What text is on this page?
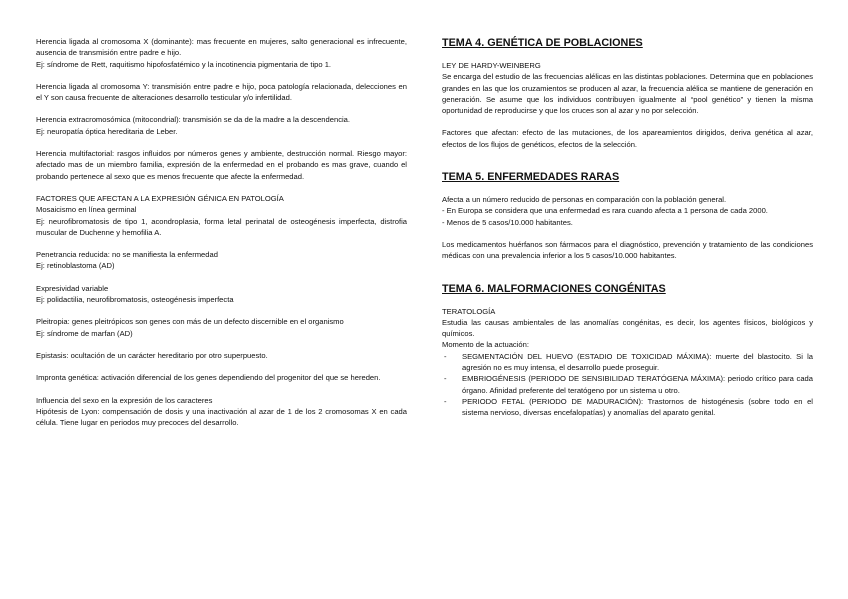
Herencia ligada al cromosoma X (dominante): mas frecuente en mujeres, salto generacional es infrecuente, ausencia de transmisión entre padre e hijo.

Ej: síndrome de Rett, raquitismo hipofosfatémico y la incotinencia pigmentaria de tipo 1.

Herencia ligada al cromosoma Y: transmisión entre padre e hijo, poca patología relacionada, delecciones en el Y son causa frecuente de alteraciones desarrollo testicular y/o infertilidad.

Herencia extracromosómica (mitocondrial): transmisión se da de la madre a la descendencia.

Ej: neuropatía óptica hereditaria de Leber.

Herencia multifactorial: rasgos influidos por números genes y ambiente, destrucción normal. Riesgo mayor: afectado mas de un miembro familia, expresión de la enfermedad en el probando es mas grave, cuando el probando pertenece al sexo que es menos frecuente que afecte la enfermedad.

FACTORES QUE AFECTAN A LA EXPRESIÓN GÉNICA EN PATOLOGÍA

Mosaicismo en línea germinal

Ej: neurofibromatosis de tipo 1, acondroplasia, forma letal perinatal de osteogénesis imperfecta, distrofia muscular de Duchenne y hemofilia A.

Penetrancia reducida: no se manifiesta la enfermedad

Ej: retinoblastoma (AD)

Expresividad variable

Ej: polidactilia, neurofibromatosis, osteogénesis imperfecta

Pleitropia: genes pleitrópicos son genes con más de un defecto discernible en el organismo

Ej: síndrome de marfan (AD)

Epistasis: ocultación de un carácter hereditario por otro superpuesto.

Impronta genética: activación diferencial de los genes dependiendo del progenitor del que se hereden.

Influencia del sexo en la expresión de los caracteres

Hipótesis de Lyon: compensación de dosis y una inactivación al azar de 1 de los 2 cromosomas X en cada célula. Tiene lugar en periodos muy precoces del desarrollo.

TEMA 4. GENÉTICA DE POBLACIONES

LEY DE HARDY-WEINBERG

Se encarga del estudio de las frecuencias alélicas en las distintas poblaciones. Determina que en poblaciones grandes en las que los cruzamientos se producen al azar, la frecuencia alélica se mantiene de generación en generación. Se asume que los individuos contribuyen igualmente al “pool genético” y tienen la misma oportunidad de reproducirse y que los cruces son al azar y no por selección.

Factores que afectan: efecto de las mutaciones, de los apareamientos dirigidos, deriva genética al azar, efectos de los flujos de genéticos, efectos de la selección.

TEMA 5. ENFERMEDADES RARAS

Afecta a un número reducido de personas en comparación con la población general.

- En Europa se considera que una enfermedad es rara cuando afecta a 1 persona de cada 2000.

- Menos de 5 casos/10.000 habitantes.

Los medicamentos huérfanos son fármacos para el diagnóstico, prevención y tratamiento de las condiciones médicas con una prevalencia inferior a los 5 casos/10.000 habitantes.

TEMA 6. MALFORMACIONES CONGÉNITAS

TERATOLOGÍA

Estudia las causas ambientales de las anomalías congénitas, es decir, los agentes físicos, biológicos y químicos.

Momento de la actuación:

- SEGMENTACIÓN DEL HUEVO (ESTADIO DE TOXICIDAD MÁXIMA): muerte del blastocito. Si la agresión no es muy intensa, el desarrollo puede proseguir.
- EMBRIOGÉNESIS (PERIODO DE SENSIBILIDAD TERATÓGENA MÁXIMA): periodo crítico para cada órgano. Afinidad preferente del teratógeno por un sistema u otro.
- PERIODO FETAL (PERIODO DE MADURACIÓN): Trastornos de histogénesis (sobre todo en el sistema nervioso, diversas encefalopatías) y anomalías del aparato genital.
